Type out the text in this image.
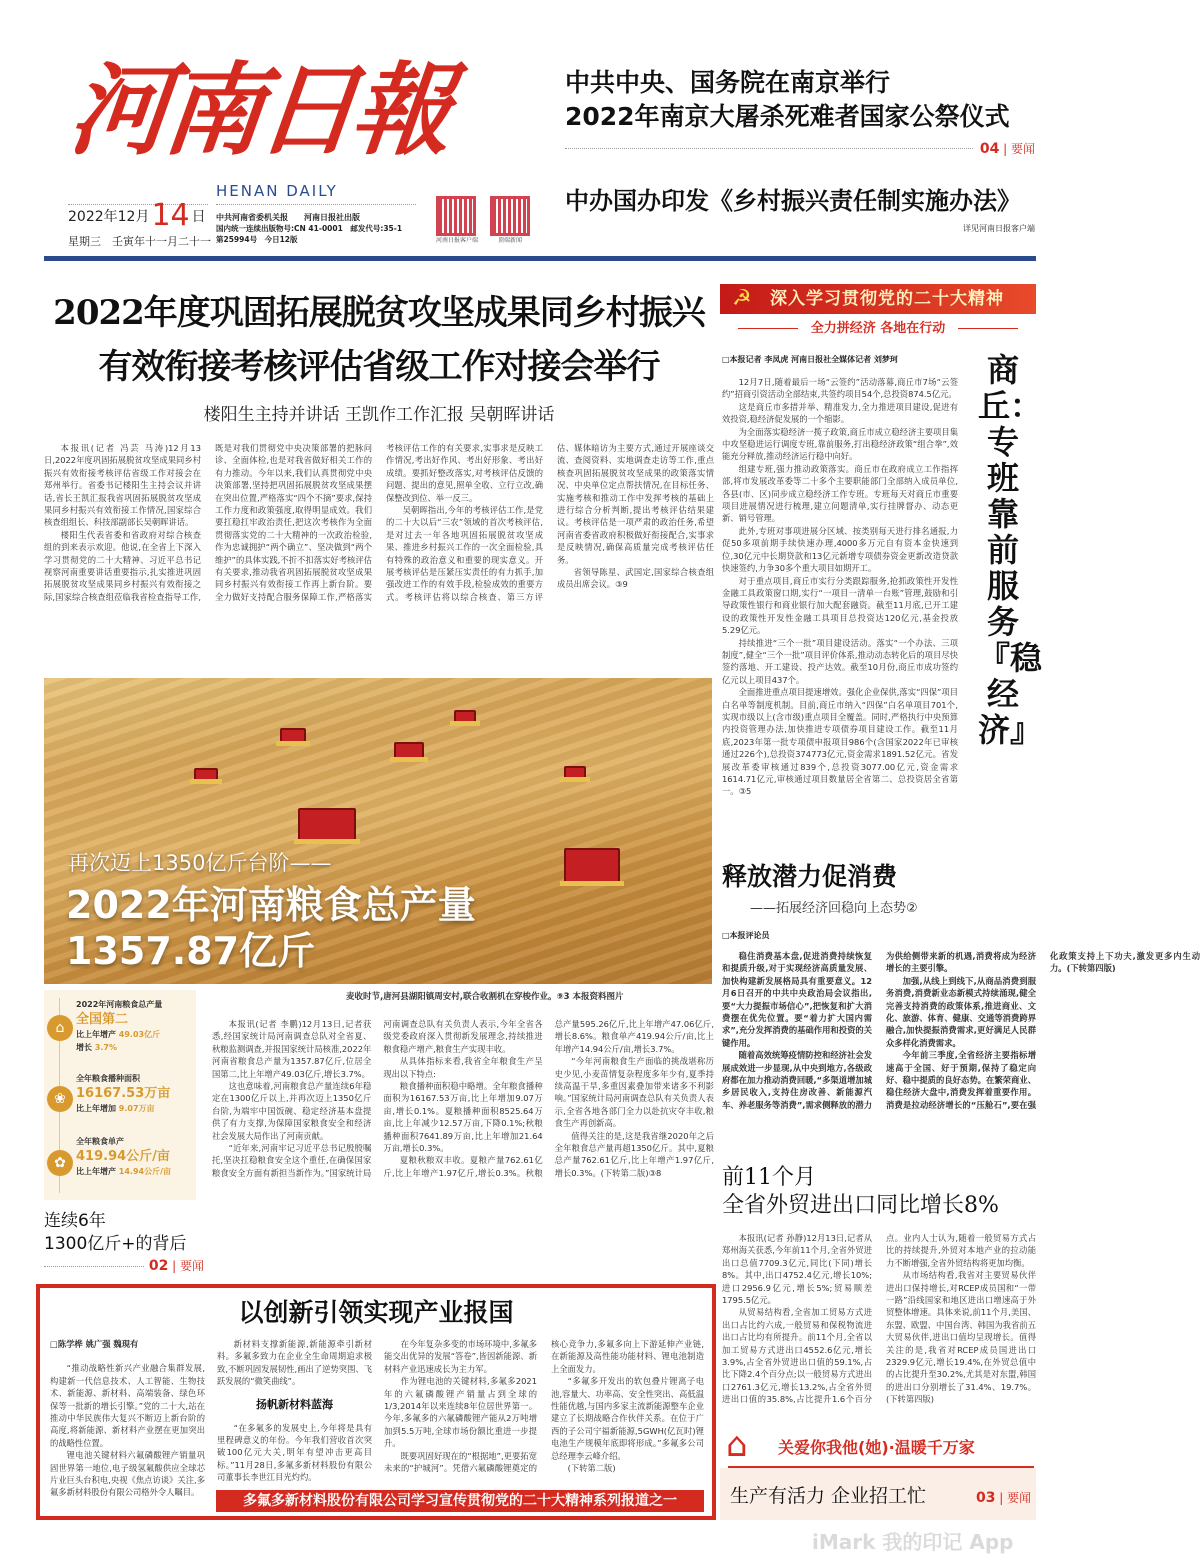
河南日報
HENAN DAILY
2022年12月14 日
星期三　壬寅年十一月二十一
中共河南省委机关报　　河南日报社出版
国内统一连续出版物号:CN 41-0001　邮发代号:35-1
第25994号　今日12版	河南日报客户端	顶端新闻
中共中央、国务院在南京举行
2022年南京大屠杀死难者国家公祭仪式
04 | 要闻
中办国办印发《乡村振兴责任制实施办法》
详见河南日报客户端
2022年度巩固拓展脱贫攻坚成果同乡村振兴
有效衔接考核评估省级工作对接会举行
楼阳生主持并讲话 王凯作工作汇报 吴朝晖讲话

本报讯(记者 冯芸 马涛)12月13日,2022年度巩固拓展脱贫攻坚成果同乡村振兴有效衔接考核评估省级工作对接会在郑州举行。省委书记楼阳生主持会议并讲话,省长王凯汇报我省巩固拓展脱贫攻坚成果同乡村振兴有效衔接工作情况,国家综合核查组组长、科技部副部长吴朝晖讲话。

楼阳生代表省委和省政府对综合核查组的到来表示欢迎。他说,在全省上下深入学习贯彻党的二十大精神、习近平总书记视察河南重要讲话重要指示,扎实推进巩固拓展脱贫攻坚成果同乡村振兴有效衔接之际,国家综合核查组莅临我省检查指导工作,既是对我们贯彻党中央决策部署的把脉问诊、全面体检,也是对我省做好相关工作的有力推动。今年以来,我们认真贯彻党中央决策部署,坚持把巩固拓展脱贫攻坚成果摆在突出位置,严格落实“四个不摘”要求,保持工作力度和政策强度,取得明显成效。我们要扛稳扛牢政治责任,把这次考核作为全面贯彻落实党的二十大精神的一次政治检验,作为忠诚拥护“两个确立”、坚决做到“两个维护”的具体实践,不折不扣落实好考核评估有关要求,推动我省巩固拓展脱贫攻坚成果同乡村振兴有效衔接工作再上新台阶。要全力做好支持配合服务保障工作,严格落实考核评估工作的有关要求,实事求是反映工作情况,考出好作风、考出好形象、考出好成绩。要抓好整改落实,对考核评估反馈的问题、提出的意见,照单全收、立行立改,确保整改到位、举一反三。

吴朝晖指出,今年的考核评估工作,是党的二十大以后“三农”领域的首次考核评估,是对过去一年各地巩固拓展脱贫攻坚成果、推进乡村振兴工作的一次全面检验,具有特殊的政治意义和重要的现实意义。开展考核评估是压紧压实责任的有力抓手,加强改进工作的有效手段,检验成效的重要方式。考核评估将以综合核查、第三方评估、媒体暗访为主要方式,通过开展座谈交流、查阅资料、实地调查走访等工作,重点核查巩固拓展脱贫攻坚成果的政策落实情况、中央单位定点帮扶情况,在目标任务、实施考核和推动工作中发挥考核的基础上进行综合分析判断,提出考核评估结果建议。考核评估是一项严肃的政治任务,希望河南省委省政府积极做好衔接配合,实事求是反映情况,确保高质量完成考核评估任务。

省领导陈星、武国定,国家综合核查组成员出席会议。③9

再次迈上1350亿斤台阶——
2022年河南粮食总产量
1357.87亿斤
麦收时节,唐河县湖阳镇周安村,联合收割机在穿梭作业。⑨3 本报资料图片
⌂
2022年河南粮食总产量
全国第二
比上年增产 49.03亿斤
增长 3.7%
❀
全年粮食播种面积
16167.53万亩
比上年增加 9.07万亩
✿
全年粮食单产
419.94公斤/亩
比上年增产 14.94公斤/亩
连续6年
1300亿斤+的背后
02 | 要闻

本报讯(记者 李鹏)12月13日,记者获悉,经国家统计局河南调查总队对全省夏、秋粮监测调查,并报国家统计局核准,2022年河南省粮食总产量为1357.87亿斤,位居全国第二,比上年增产49.03亿斤,增长3.7%。

这也意味着,河南粮食总产量连续6年稳定在1300亿斤以上,并再次迈上1350亿斤台阶,为端牢中国饭碗、稳定经济基本盘提供了有力支撑,为保障国家粮食安全和经济社会发展大局作出了河南贡献。

“近年来,河南牢记习近平总书记殷殷嘱托,坚决扛稳粮食安全这个重任,在确保国家粮食安全方面有新担当新作为。”国家统计局河南调查总队有关负责人表示,今年全省各级党委政府深入贯彻新发展理念,持续推进粮食稳产增产,粮食生产实现丰收。

从具体指标来看,我省全年粮食生产呈现出以下特点:

粮食播种面积稳中略增。全年粮食播种面积为16167.53万亩,比上年增加9.07万亩,增长0.1%。夏粮播种面积8525.64万亩,比上年减少12.57万亩,下降0.1%;秋粮播种面积7641.89万亩,比上年增加21.64万亩,增长0.3%。

夏粮秋粮双丰收。夏粮产量762.61亿斤,比上年增产1.97亿斤,增长0.3%。秋粮总产量595.26亿斤,比上年增产47.06亿斤,增长8.6%。粮食单产419.94公斤/亩,比上年增产14.94公斤/亩,增长3.7%。

“今年河南粮食生产面临的挑战堪称历史少见,小麦苗情复杂程度多年少有,夏季持续高温干旱,多重因素叠加带来诸多不利影响。”国家统计局河南调查总队有关负责人表示,全省各地各部门全力以赴抗灾夺丰收,粮食生产再创新高。

值得关注的是,这是我省继2020年之后全年粮食总产量再超1350亿斤。其中,夏粮总产量762.61亿斤,比上年增产1.97亿斤,增长0.3%。(下转第二版)③8

以创新引领实现产业报国
□陈学桦 姚广强 魏現有

“推动战略性新兴产业融合集群发展,构建新一代信息技术、人工智能、生物技术、新能源、新材料、高端装备、绿色环保等一批新的增长引擎。”党的二十大,站在推动中华民族伟大复兴不断迈上新台阶的高度,将新能源、新材料产业摆在更加突出的战略性位置。

锂电池关键材料六氟磷酸锂产销量巩固世界第一地位,电子级氢氟酸供应全球芯片业巨头台积电,央视《焦点访谈》关注,多氟多新材料股份有限公司格外令人瞩目。

新材料支撑新能源,新能源牵引新材料。多氟多致力在企业全生命周期追求极致,不断巩固发展韧性,画出了逆势突围、飞跃发展的“微笑曲线”。

扬帆新材料蓝海

“在多氟多的发展史上,今年将是具有里程碑意义的年份。今年我们营收首次突破100亿元大关,明年有望冲击更高目标。”11月28日,多氟多新材料股份有限公司董事长李世江目光灼灼。

在今年复杂多变的市场环境中,多氟多能交出优异的发展“答卷”,皆因新能源、新材料产业迅速成长为主力军。

作为锂电池的关键材料,多氟多2021年的六氟磷酸锂产销量占到全球的1/3,2014年以来连续8年位居世界第一。今年,多氟多的六氟磷酸锂产能从2万吨增加到5.5万吨,全球市场份额比重进一步提升。

既要巩固好现在的“根据地”,更要拓宽未来的“护城河”。凭借六氟磷酸锂奠定的核心竞争力,多氟多向上下游延伸产业链,在新能源及高性能功能材料、锂电池制造上全面发力。

“多氟多开发出的软包叠片锂离子电池,容量大、功率高、安全性突出、高低温性能优越,与国内多家主流新能源整车企业建立了长期战略合作伙伴关系。在位于广西的子公司宁福新能源,5GWH(亿瓦时)锂电池生产规模年底即将形成。”多氟多公司总经理李云峰介绍。

(下转第二版)

多氟多新材料股份有限公司学习宣传贯彻党的二十大精神系列报道之一
☭ 深入学习贯彻党的二十大精神
全力拼经济 各地在行动
□本报记者 李凤虎 河南日报社全媒体记者 刘梦珂	商丘：专班靠前服务『稳经济』

12月7日,随着最后一场“云签约”活动落幕,商丘市7场“云签约”招商引资活动全部结束,共签约项目54个,总投资874.5亿元。

这是商丘市多措并举、精准发力,全力推进项目建设,促进有效投资,稳经济促发展的一个缩影。

为全面落实稳经济一揽子政策,商丘市成立稳经济主要项目集中攻坚稳进运行调度专班,靠前服务,打出稳经济政策“组合拳”,效能充分释放,推动经济运行稳中向好。

组建专班,强力推动政策落实。商丘市在政府成立工作指挥部,将市发展改革委等二十多个主要职能部门全部纳入成员单位,各县(市、区)同步成立稳经济工作专班。专班每天对商丘市重要项目进展情况进行梳理,建立问题清单,实行挂牌督办、动态更新、销号管理。

此外,专班对事项进展分区域、按类别每天进行排名通报,力促50多项前期手续快速办理,4000多万元自有资本金快速到位,30亿元中长期贷款和13亿元新增专项债券资金更新改造贷款快速签约,力争30多个重大项目如期开工。

对于重点项目,商丘市实行分类跟踪服务,抢抓政策性开发性金融工具政策窗口期,实行“一项目一清单一台账”管理,鼓励和引导政策性银行和商业银行加大配套融资。截至11月底,已开工建设的政策性开发性金融工具项目总投资达120亿元,基金投放5.29亿元。

持续推进“三个一批”项目建设活动。落实“一个办法、三项制度”,健全“三个一批”项目评价体系,推动动态转化后的项目尽快签约落地、开工建设、投产达效。截至10月份,商丘市成功签约亿元以上项目437个。

全面推进重点项目提速增效。强化企业保供,落实“四保”项目白名单等制度机制。目前,商丘市纳入“四保”白名单项目701个,实现市级以上(含市级)重点项目全覆盖。同时,严格执行中央预算内投资管理办法,加快推进专项债券项目建设工作。截至11月底,2023年第一批专项债申报项目986个(含国家2022年已审核通过226个),总投资374773亿元,资金需求1891.52亿元。省发展改革委审核通过839个,总投资3077.00亿元,资金需求1614.71亿元,审核通过项目数量居全省第二、总投资居全省第一。③5

释放潜力促消费
——拓展经济回稳向上态势②
□本报评论员

稳住消费基本盘,促进消费持续恢复和提质升级,对于实现经济高质量发展、加快构建新发展格局具有重要意义。12月6日召开的中共中央政治局会议指出,要“大力提振市场信心”,把恢复和扩大消费摆在优先位置。要“着力扩大国内需求”,充分发挥消费的基础作用和投资的关键作用。

随着高效统筹疫情防控和经济社会发展成效进一步显现,从中央到地方,各级政府都在加力推动消费回暖,“多渠道增加城乡居民收入,支持住房改善、新能源汽车、养老服务等消费”,需求侧释放的潜力为供给侧带来新的机遇,消费将成为经济增长的主要引擎。

加强,从线上到线下,从商品消费到服务消费,消费新业态新模式持续涌现,健全完善支持消费的政策体系,推进商业、文化、旅游、体育、健康、交通等消费跨界融合,加快提振消费需求,更好满足人民群众多样化消费需求。

今年前三季度,全省经济主要指标增速高于全国、好于预期,保持了稳定向好、稳中提质的良好态势。在繁荣商业、稳住经济大盘中,消费发挥着重要作用。消费是拉动经济增长的“压舱石”,要在强化政策支持上下功夫,激发更多内生动力。(下转第四版)

前11个月
全省外贸进出口同比增长8%

本报讯(记者 孙静)12月13日,记者从郑州海关获悉,今年前11个月,全省外贸进出口总值7709.3亿元,同比(下同)增长8%。其中,出口4752.4亿元,增长10%;进口2956.9亿元,增长5%;贸易顺差1795.5亿元。

从贸易结构看,全省加工贸易方式进出口占比约六成,一般贸易和保税物流进出口占比均有所提升。前11个月,全省以加工贸易方式进出口4552.6亿元,增长3.9%,占全省外贸进出口值的59.1%,占比下降2.4个百分点;以一般贸易方式进出口2761.3亿元,增长13.2%,占全省外贸进出口值的35.8%,占比提升1.6个百分点。业内人士认为,随着一般贸易方式占比的持续提升,外贸对本地产业的拉动能力不断增强,全省外贸结构将更加均衡。

从市场结构看,我省对主要贸易伙伴进出口保持增长,对RCEP成员国和“一带一路”沿线国家和地区进出口增速高于外贸整体增速。具体来说,前11个月,美国、东盟、欧盟、中国台湾、韩国为我省前五大贸易伙伴,进出口值均呈现增长。值得关注的是,我省对RCEP成员国进出口2329.9亿元,增长19.4%,在外贸总值中的占比提升至30.2%,尤其是对东盟,韩国的进出口分别增长了31.4%、19.7%。(下转第四版)

⌂ 关爱你我他(她)·温暖千万家
生产有活力 企业招工忙	03 | 要闻
iMark 我的印记 App
